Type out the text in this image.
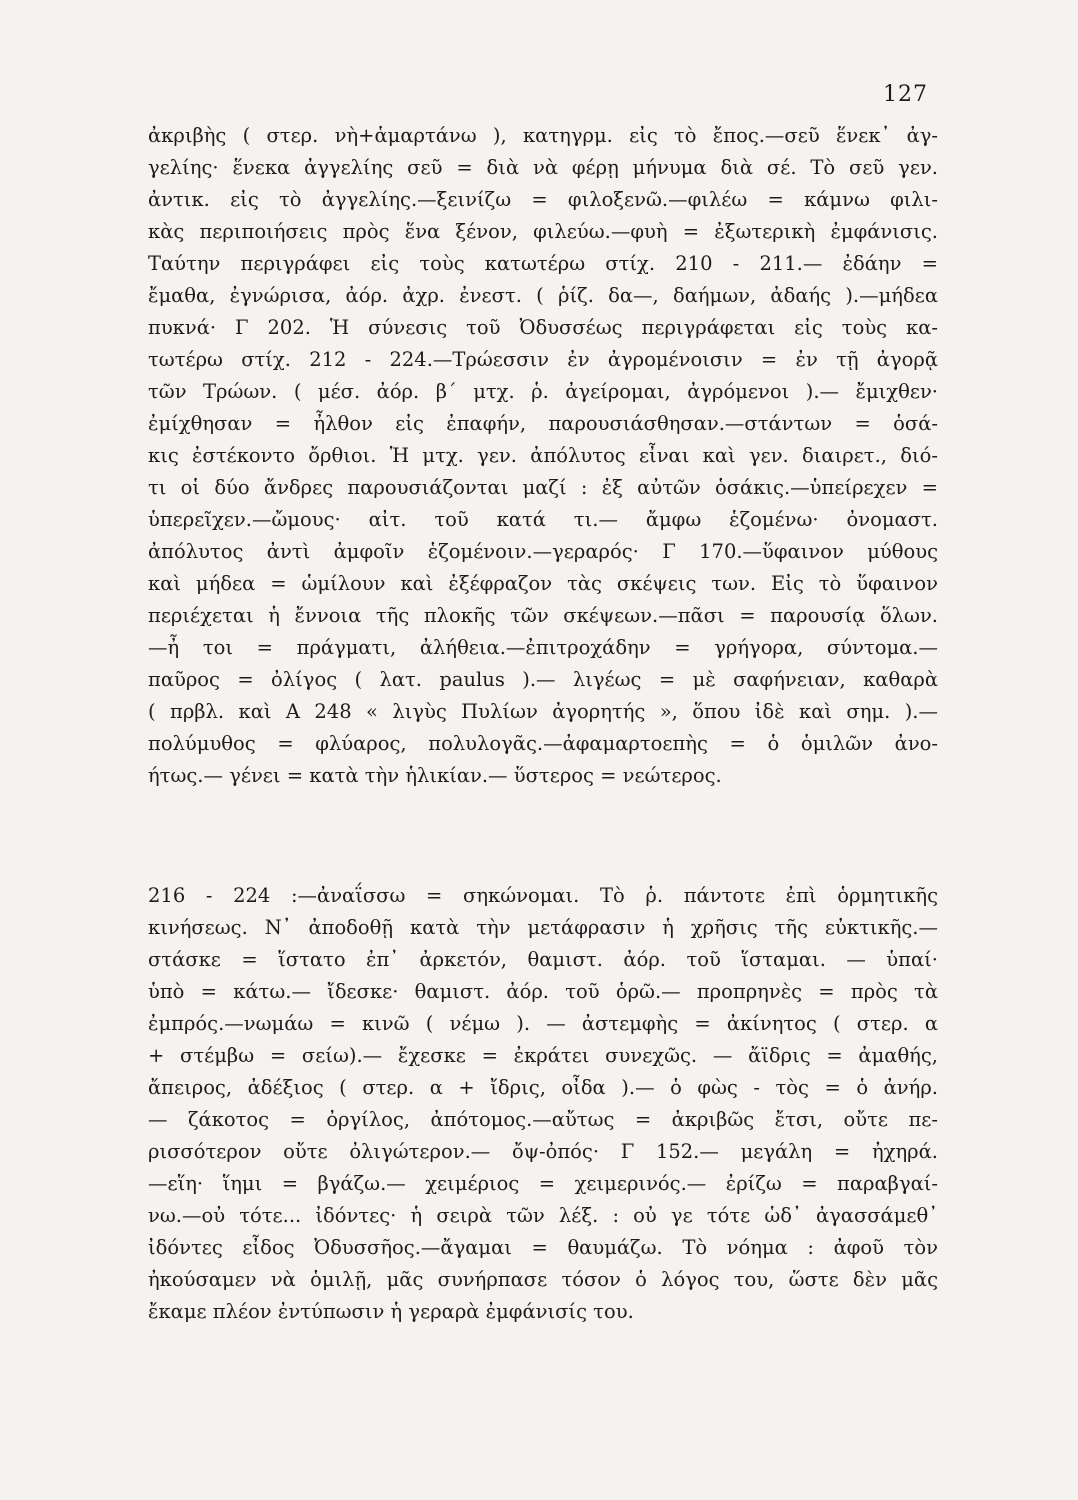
127
ἀκριβὴς ( στερ. νὴ+ἁμαρτάνω ), κατηγρμ. εἰς τὸ ἔπος.—σεῦ ἕνεκ᾽ ἀγ-
γελίης· ἕνεκα ἀγγελίης σεῦ = διὰ νὰ φέρῃ μήνυμα διὰ σέ. Τὸ σεῦ γεν.
ἀντικ. εἰς τὸ ἀγγελίης.—ξεινίζω = φιλοξενῶ.—φιλέω = κάμνω φιλι-
κὰς περιποιήσεις πρὸς ἕνα ξένον, φιλεύω.—φυὴ = ἐξωτερικὴ ἐμφάνισις.
Ταύτην περιγράφει εἰς τοὺς κατωτέρω στίχ. 210 - 211.— ἐδάην =
ἔμαθα, ἐγνώρισα, ἀόρ. ἀχρ. ἐνεστ. ( ῥίζ. δα—, δαήμων, ἀδαής ).—μήδεα
πυκνά· Γ 202. Ἡ σύνεσις τοῦ Ὀδυσσέως περιγράφεται εἰς τοὺς κα-
τωτέρω στίχ. 212 - 224.—Τρώεσσιν ἐν ἀγρομένοισιν = ἐν τῇ ἀγορᾷ
τῶν Τρώων. ( μέσ. ἀόρ. β΄ μτχ. ῥ. ἀγείρομαι, ἀγρόμενοι ).— ἔμιχθεν·
ἐμίχθησαν = ἦλθον εἰς ἐπαφήν, παρουσιάσθησαν.—στάντων = ὁσά-
κις ἐστέκοντο ὄρθιοι. Ἡ μτχ. γεν. ἀπόλυτος εἶναι καὶ γεν. διαιρετ., διό-
τι οἱ δύο ἄνδρες παρουσιάζονται μαζί : ἐξ αὐτῶν ὁσάκις.—ὑπείρεχεν =
ὑπερεῖχεν.—ὤμους· αἰτ. τοῦ κατά τι.— ἄμφω ἑζομένω· ὀνομαστ.
ἀπόλυτος ἀντὶ ἀμφοῖν ἑζομένοιν.—γεραρός· Γ 170.—ὕφαινον μύθους
καὶ μήδεα = ὡμίλουν καὶ ἐξέφραζον τὰς σκέψεις των. Εἰς τὸ ὕφαινον
περιέχεται ἡ ἔννοια τῆς πλοκῆς τῶν σκέψεων.—πᾶσι = παρουσίᾳ ὅλων.
—ἦ τοι = πράγματι, ἀλήθεια.—ἐπιτροχάδην = γρήγορα, σύντομα.—
παῦρος = ὀλίγος ( λατ. paulus ).— λιγέως = μὲ σαφήνειαν, καθαρὰ
( πρβλ. καὶ Α 248 « λιγὺς Πυλίων ἀγορητής », ὅπου ἰδὲ καὶ σημ. ).—
πολύμυθος = φλύαρος, πολυλογᾶς.—ἀφαμαρτοεπὴς = ὁ ὁμιλῶν ἀνο-
ήτως.— γένει = κατὰ τὴν ἡλικίαν.— ὕστερος = νεώτερος.
216 - 224 :—ἀναΐσσω = σηκώνομαι. Τὸ ῥ. πάντοτε ἐπὶ ὁρμητικῆς
κινήσεως. Ν᾽ ἀποδοθῇ κατὰ τὴν μετάφρασιν ἡ χρῆσις τῆς εὐκτικῆς.—
στάσκε = ἵστατο ἐπ᾽ ἀρκετόν, θαμιστ. ἀόρ. τοῦ ἵσταμαι. — ὑπαί·
ὑπὸ = κάτω.— ἴδεσκε· θαμιστ. ἀόρ. τοῦ ὁρῶ.— προπρηνὲς = πρὸς τὰ
ἐμπρός.—νωμάω = κινῶ ( νέμω ). — ἀστεμφὴς = ἀκίνητος ( στερ. α
+ στέμβω = σείω).— ἔχεσκε = ἐκράτει συνεχῶς. — ἄϊδρις = ἀμαθής,
ἄπειρος, ἀδέξιος ( στερ. α + ἴδρις, οἶδα ).— ὁ φὼς - τὸς = ὁ ἀνήρ.
— ζάκοτος = ὀργίλος, ἀπότομος.—αὔτως = ἀκριβῶς ἔτσι, οὔτε πε-
ρισσότερον οὔτε ὀλιγώτερον.— ὄψ-ὀπός· Γ 152.— μεγάλη = ἠχηρά.
—εἵη· ἵημι = βγάζω.— χειμέριος = χειμερινός.— ἐρίζω = παραβγαί-
νω.—οὐ τότε... ἰδόντες· ἡ σειρὰ τῶν λέξ. : οὐ γε τότε ὡδ᾽ ἀγασσάμεθ᾽
ἰδόντες εἶδος Ὀδυσσῆος.—ἄγαμαι = θαυμάζω. Τὸ νόημα : ἀφοῦ τὸν
ἠκούσαμεν νὰ ὁμιλῇ, μᾶς συνήρπασε τόσον ὁ λόγος του, ὥστε δὲν μᾶς
ἔκαμε πλέον ἐντύπωσιν ἡ γεραρὰ ἐμφάνισίς του.
